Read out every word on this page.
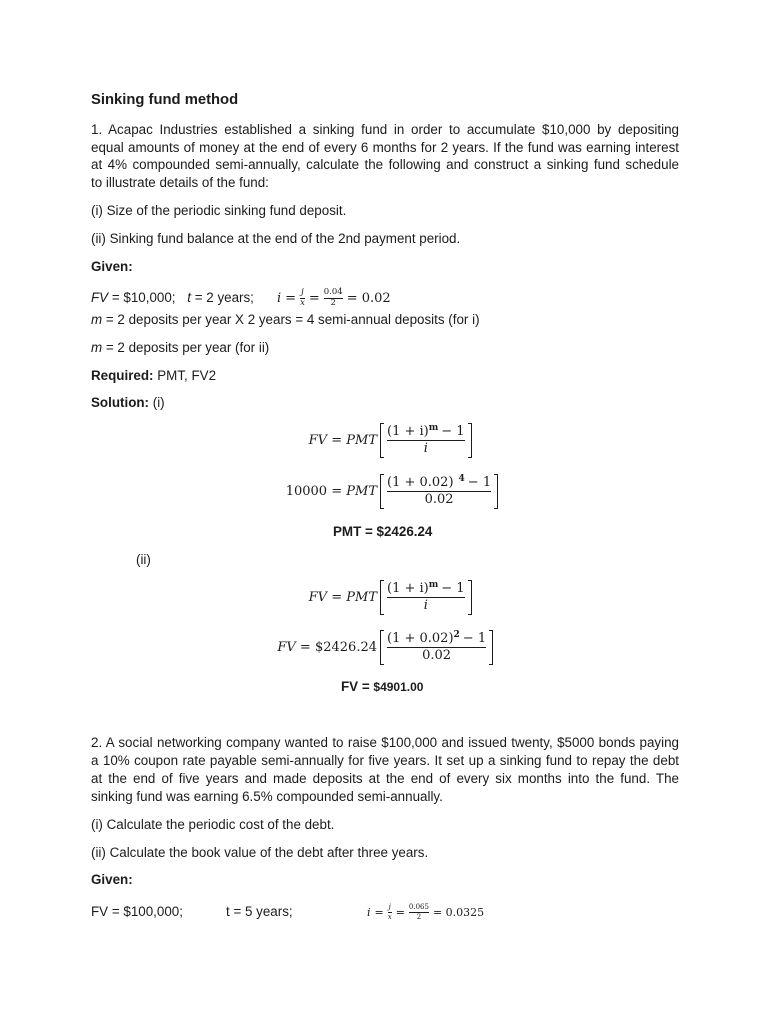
Sinking fund method
1. Acapac Industries established a sinking fund in order to accumulate $10,000 by depositing
equal amounts of money at the end of every 6 months for 2 years. If the fund was earning interest
at 4% compounded semi-annually, calculate the following and construct a sinking fund schedule
to illustrate details of the fund:
(i) Size of the periodic sinking fund deposit.
(ii) Sinking fund balance at the end of the 2nd payment period.
Given:
FV = $10,000; t = 2 years; i = j
x = 0.04
2 = 0.02
m = 2 deposits per year X 2 years = 4 semi-annual deposits (for i)
m = 2 deposits per year (for ii)
Required: PMT, FV2
Solution: (i)
FV = PMT $\frac{(1 + i)^m - 1}{i}$
10000 = PMT $\frac{(1 + 0.02) ^4 - 1}{0.02}$
PMT = $2426.24
(ii)
FV = PMT $\frac{(1 + i)^m - 1}{i}$
FV = $2426.24 $\frac{(1 + 0.02)^2 - 1}{0.02}$
FV = $4901.00
2. A social networking company wanted to raise $100,000 and issued twenty, $5000 bonds paying
a 10% coupon rate payable semi-annually for five years. It set up a sinking fund to repay the debt
at the end of five years and made deposits at the end of every six months into the fund. The
sinking fund was earning 6.5% compounded semi-annually.
(i) Calculate the periodic cost of the debt.
(ii) Calculate the book value of the debt after three years.
Given:
FV = $100,000;	t = 5 years;	i = j
x = 0.065
2 = 0.0325
